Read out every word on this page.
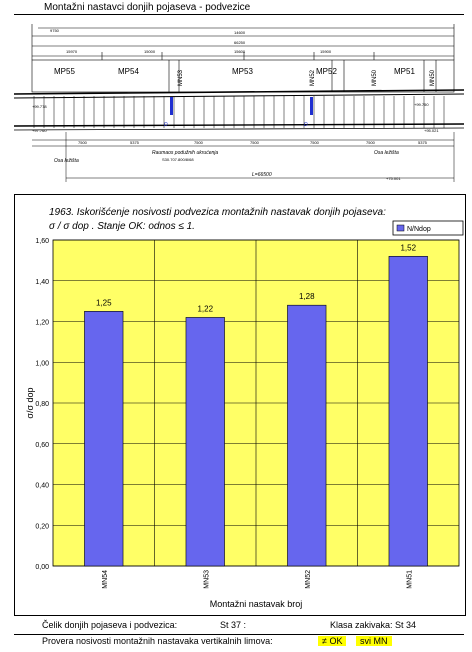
Montažni nastavci donjih pojaseva - podvezice
9750	14600
66250
15970	15000	15600	15900
MP55	MP54	MN53	MP53	MN52 MP52	MN50 MP51	MN50
+99.778	+99.750
+97.760	+95.021
D	D
7500	5375	7500	7500	7500	7500	5375
Osa ležišta
Osa ležišta
Raumaos podužnih ukrućenja
S30.707.800/8/68
L=66500
+75.001
1963. Iskorišćenje nosivosti podvezica montažnih nastavak donjih pojaseva:
σ / σ dop . Stanje OK: odnos ≤ 1.	N/Ndop
0,00
0,20
0,40
0,60
0,80
1,00
1,20
1,40
1,60
1,25
MN54
1,22
MN53
1,28
MN52
1,52
MN51
σ/σ dop
Montažni nastavak broj
Čelik donjih pojaseva i podvezica:	St 37 :	Klasa zakivaka: St 34
Provera nosivosti montažnih nastavaka vertikalnih limova:	≠ OK	svi MN
